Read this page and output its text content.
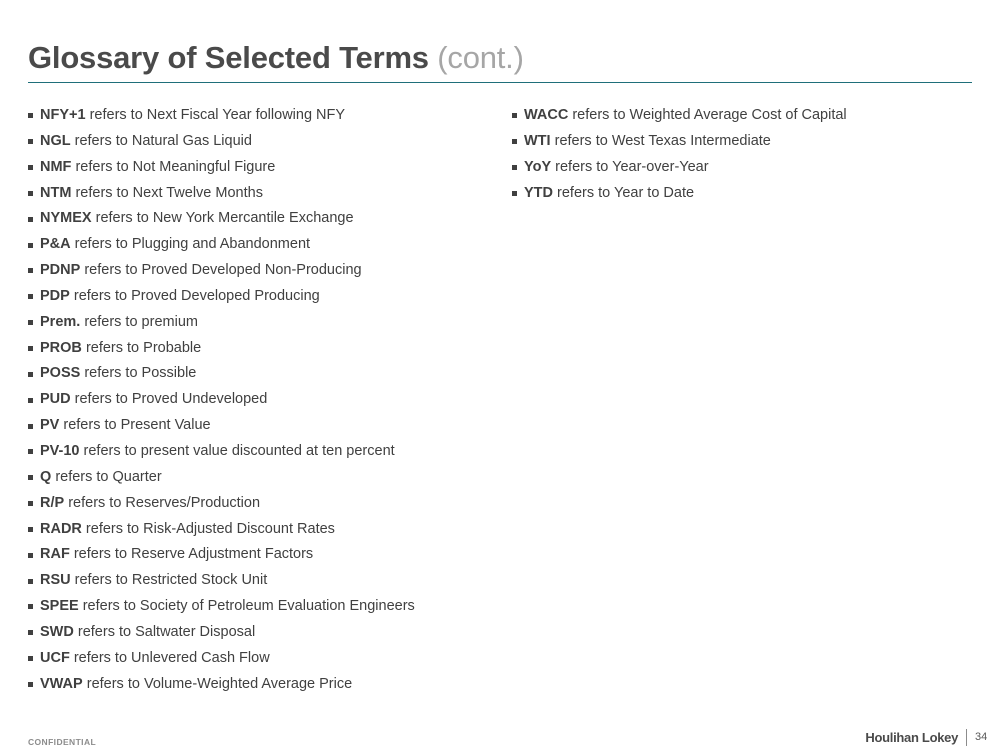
Glossary of Selected Terms (cont.)
NFY+1
refers to Next Fiscal Year following NFY
NGL
refers to Natural Gas Liquid
NMF
refers to Not Meaningful Figure
NTM
refers to Next Twelve Months
NYMEX
refers to New York Mercantile Exchange
P&A
refers to Plugging and Abandonment
PDNP
refers to Proved Developed Non-Producing
PDP
refers to Proved Developed Producing
Prem.
refers to premium
PROB
refers to Probable
POSS
refers to Possible
PUD
refers to Proved Undeveloped
PV
refers to Present Value
PV-10
refers to present value discounted at ten percent
Q
refers to Quarter
R/P
refers to Reserves/Production
RADR
refers to Risk-Adjusted Discount Rates
RAF
refers to Reserve Adjustment Factors
RSU
refers to Restricted Stock Unit
SPEE
refers to Society of Petroleum Evaluation Engineers
SWD
refers to Saltwater Disposal
UCF
refers to Unlevered Cash Flow
VWAP
refers to Volume-Weighted Average Price
WACC
refers to Weighted Average Cost of Capital
WTI
refers to West Texas Intermediate
YoY
refers to Year-over-Year
YTD
refers to Year to Date
CONFIDENTIAL	Houlihan Lokey 34
